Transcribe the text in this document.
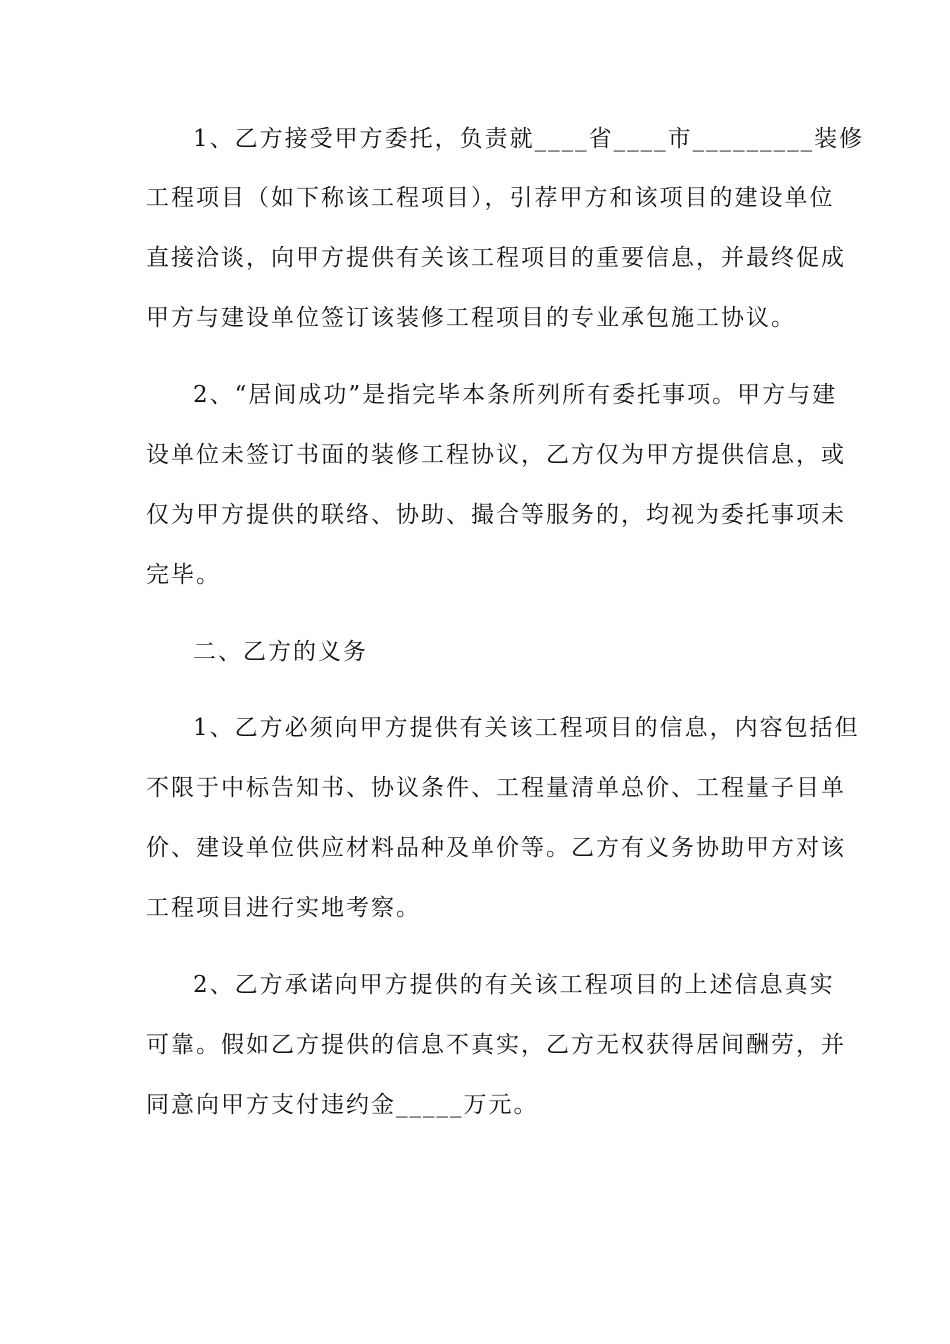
1、乙方接受甲方委托，负责就____省____市_________装修
工程项目（如下称该工程项目），引荐甲方和该项目的建设单位
直接洽谈，向甲方提供有关该工程项目的重要信息，并最终促成
甲方与建设单位签订该装修工程项目的专业承包施工协议。
2、“居间成功”是指完毕本条所列所有委托事项。甲方与建
设单位未签订书面的装修工程协议，乙方仅为甲方提供信息，或
仅为甲方提供的联络、协助、撮合等服务的，均视为委托事项未
完毕。
二、乙方的义务
1、乙方必须向甲方提供有关该工程项目的信息，内容包括但
不限于中标告知书、协议条件、工程量清单总价、工程量子目单
价、建设单位供应材料品种及单价等。乙方有义务协助甲方对该
工程项目进行实地考察。
2、乙方承诺向甲方提供的有关该工程项目的上述信息真实
可靠。假如乙方提供的信息不真实，乙方无权获得居间酬劳，并
同意向甲方支付违约金_____万元。
